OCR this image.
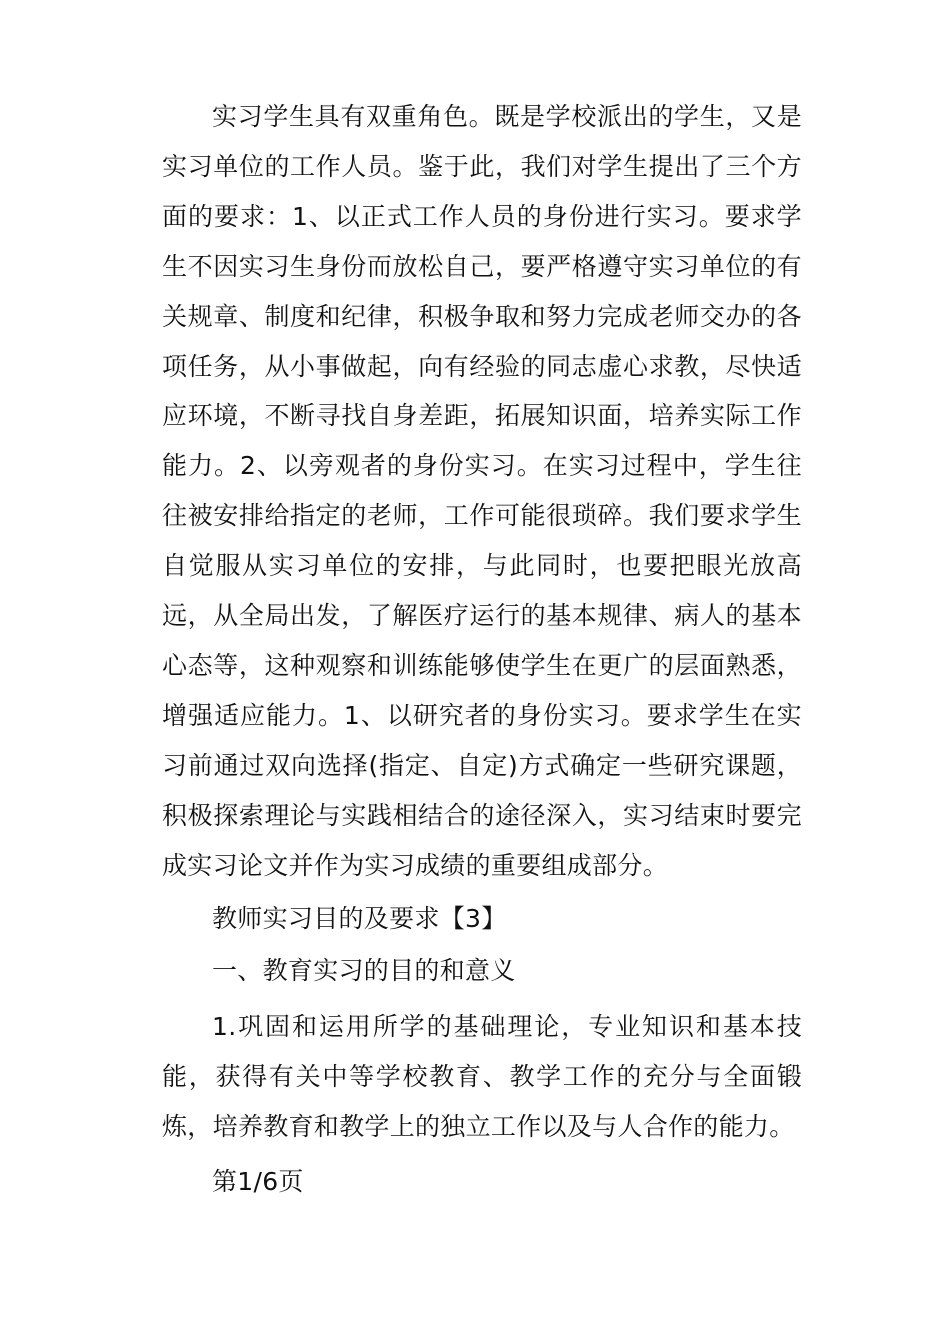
实习学生具有双重角色。既是学校派出的学生，又是实习单位的工作人员。鉴于此，我们对学生提出了三个方面的要求：1、以正式工作人员的身份进行实习。要求学生不因实习生身份而放松自己，要严格遵守实习单位的有关规章、制度和纪律，积极争取和努力完成老师交办的各项任务，从小事做起，向有经验的同志虚心求教，尽快适应环境，不断寻找自身差距，拓展知识面，培养实际工作能力。2、以旁观者的身份实习。在实习过程中，学生往往被安排给指定的老师，工作可能很琐碎。我们要求学生自觉服从实习单位的安排，与此同时，也要把眼光放高远，从全局出发，了解医疗运行的基本规律、病人的基本心态等，这种观察和训练能够使学生在更广的层面熟悉，增强适应能力。1、以研究者的身份实习。要求学生在实习前通过双向选择(指定、自定)方式确定一些研究课题，积极探索理论与实践相结合的途径深入，实习结束时要完成实习论文并作为实习成绩的重要组成部分。

教师实习目的及要求【3】

一、教育实习的目的和意义

1.巩固和运用所学的基础理论，专业知识和基本技能，获得有关中等学校教育、教学工作的充分与全面锻炼，培养教育和教学上的独立工作以及与人合作的能力。

第1/6页
